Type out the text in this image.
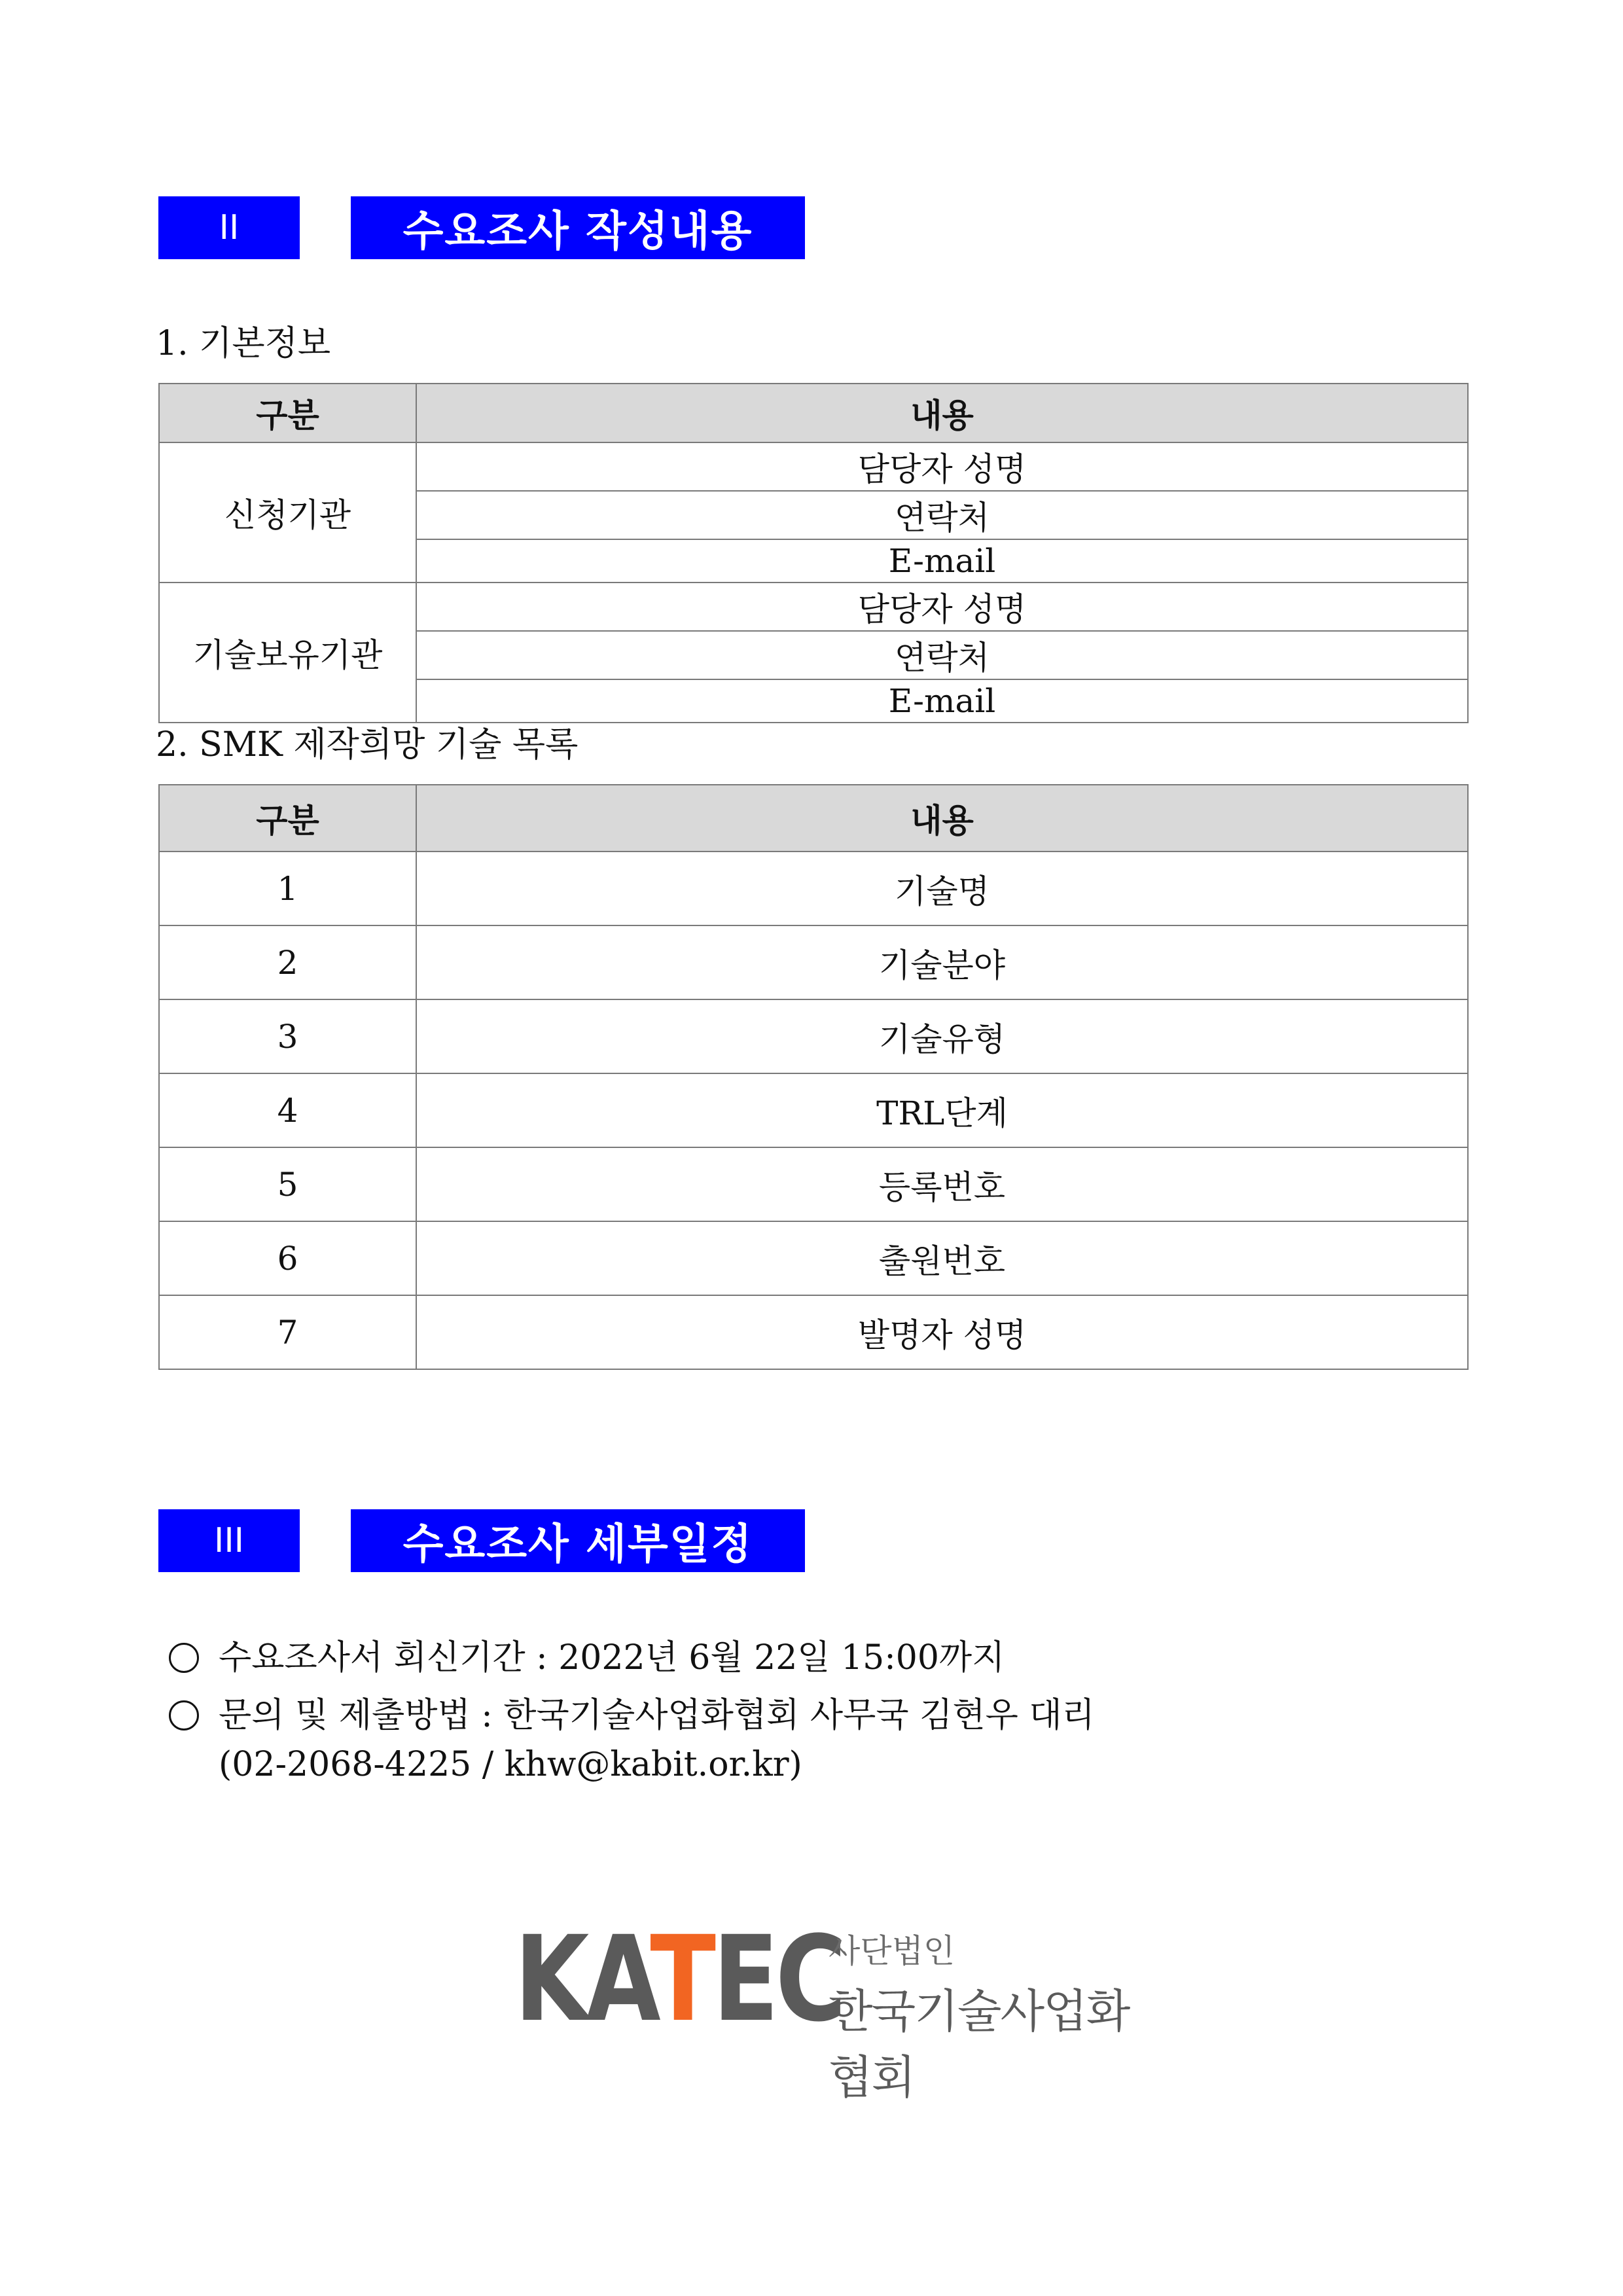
II	수요조사 작성내용
1. 기본정보
구분	내용
신청기관	담당자 성명
	연락처
	E-mail
기술보유기관	담당자 성명
	연락처
	E-mail
2. SMK 제작희망 기술 목록
구분	내용
1	기술명
2	기술분야
3	기술유형
4	TRL단계
5	등록번호
6	출원번호
7	발명자 성명
III	수요조사 세부일정
수요조사서 회신기간 : 2022년 6월 22일 15:00까지
문의 및 제출방법 : 한국기술사업화협회 사무국 김현우 대리
(02-2068-4225 / khw@kabit.or.kr)
KATEC
사단법인
한국기술사업화협회
